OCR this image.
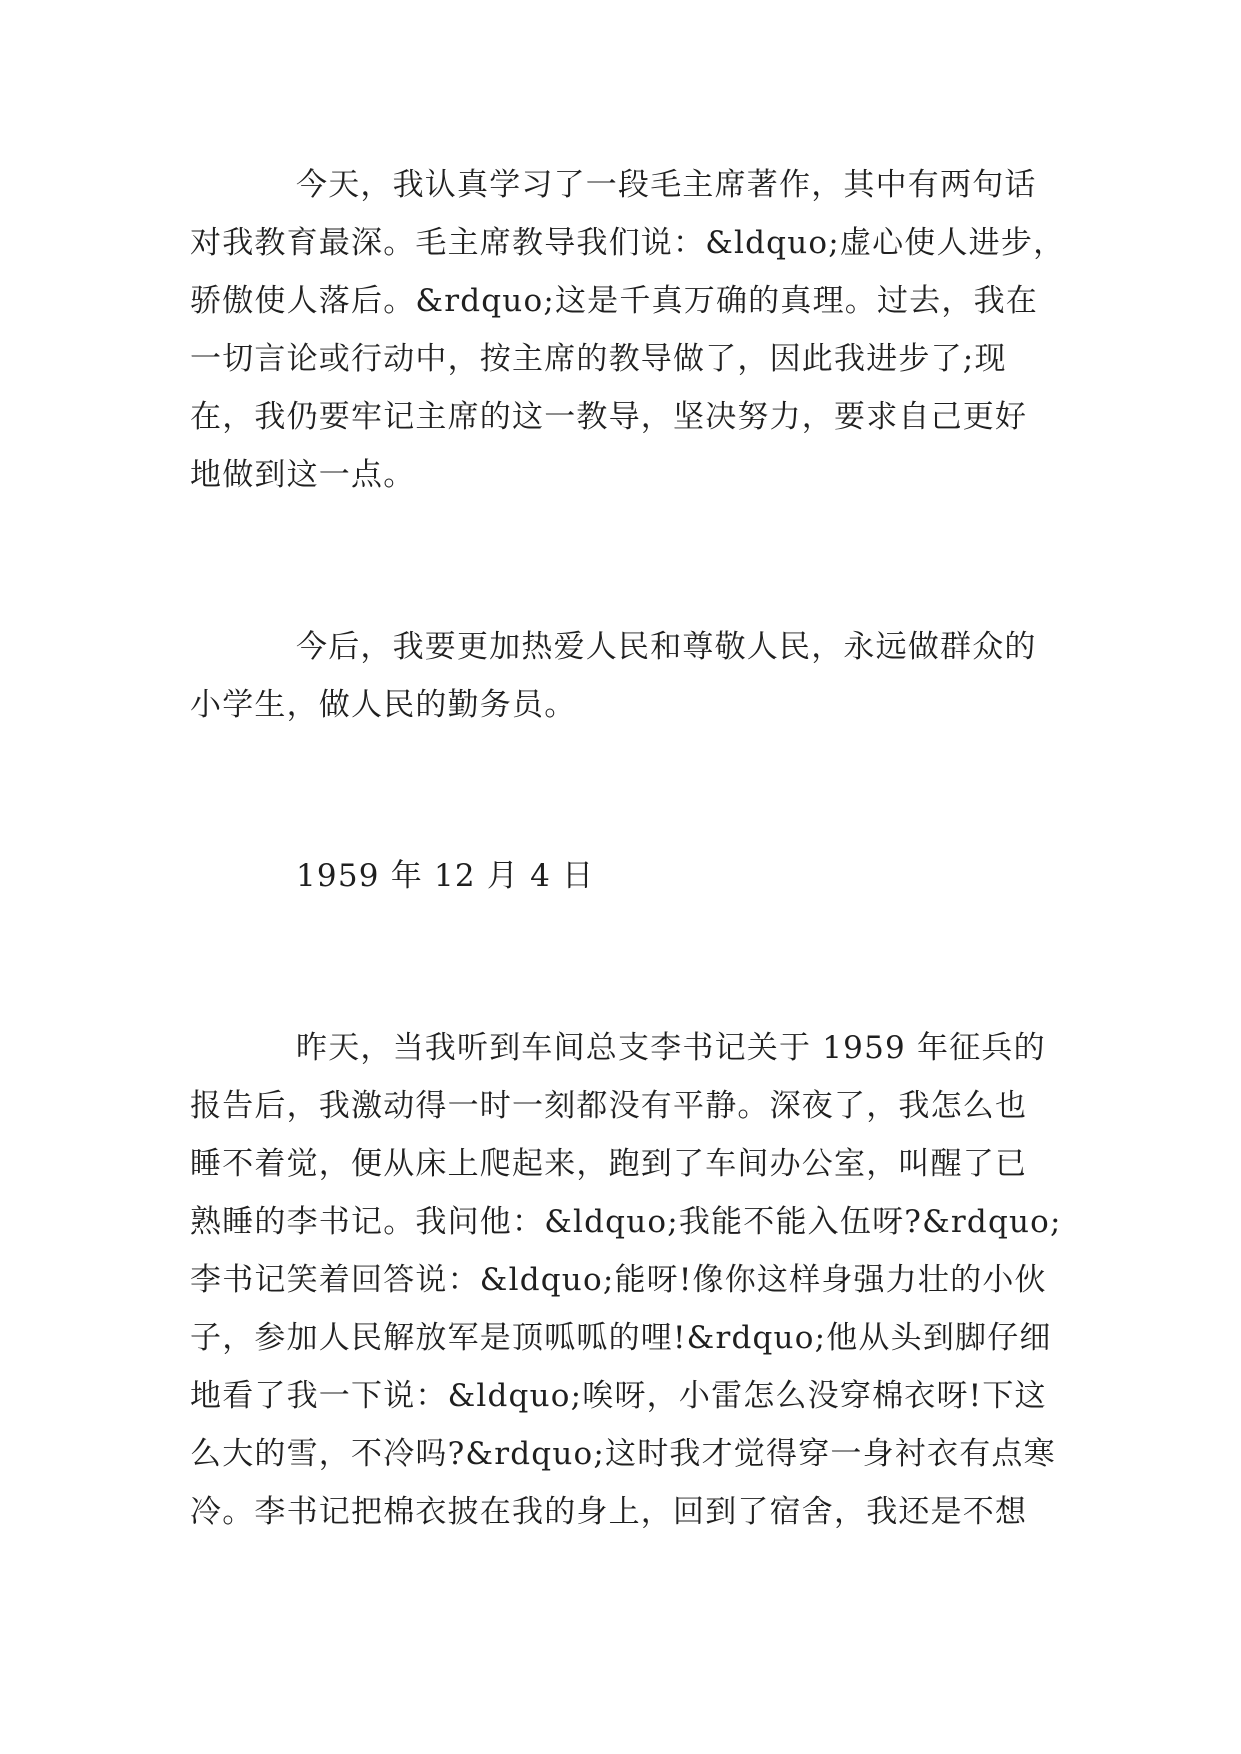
今天，我认真学习了一段毛主席著作，其中有两句话
对我教育最深。毛主席教导我们说：&ldquo;虚心使人进步，
骄傲使人落后。&rdquo;这是千真万确的真理。过去，我在
一切言论或行动中，按主席的教导做了，因此我进步了;现
在，我仍要牢记主席的这一教导，坚决努力，要求自己更好
地做到这一点。
今后，我要更加热爱人民和尊敬人民，永远做群众的
小学生，做人民的勤务员。
1959 年 12 月 4 日
昨天，当我听到车间总支李书记关于 1959 年征兵的
报告后，我激动得一时一刻都没有平静。深夜了，我怎么也
睡不着觉，便从床上爬起来，跑到了车间办公室，叫醒了已
熟睡的李书记。我问他：&ldquo;我能不能入伍呀?&rdquo;
李书记笑着回答说：&ldquo;能呀!像你这样身强力壮的小伙
子，参加人民解放军是顶呱呱的哩!&rdquo;他从头到脚仔细
地看了我一下说：&ldquo;唉呀，小雷怎么没穿棉衣呀!下这
么大的雪，不冷吗?&rdquo;这时我才觉得穿一身衬衣有点寒
冷。李书记把棉衣披在我的身上，回到了宿舍，我还是不想
